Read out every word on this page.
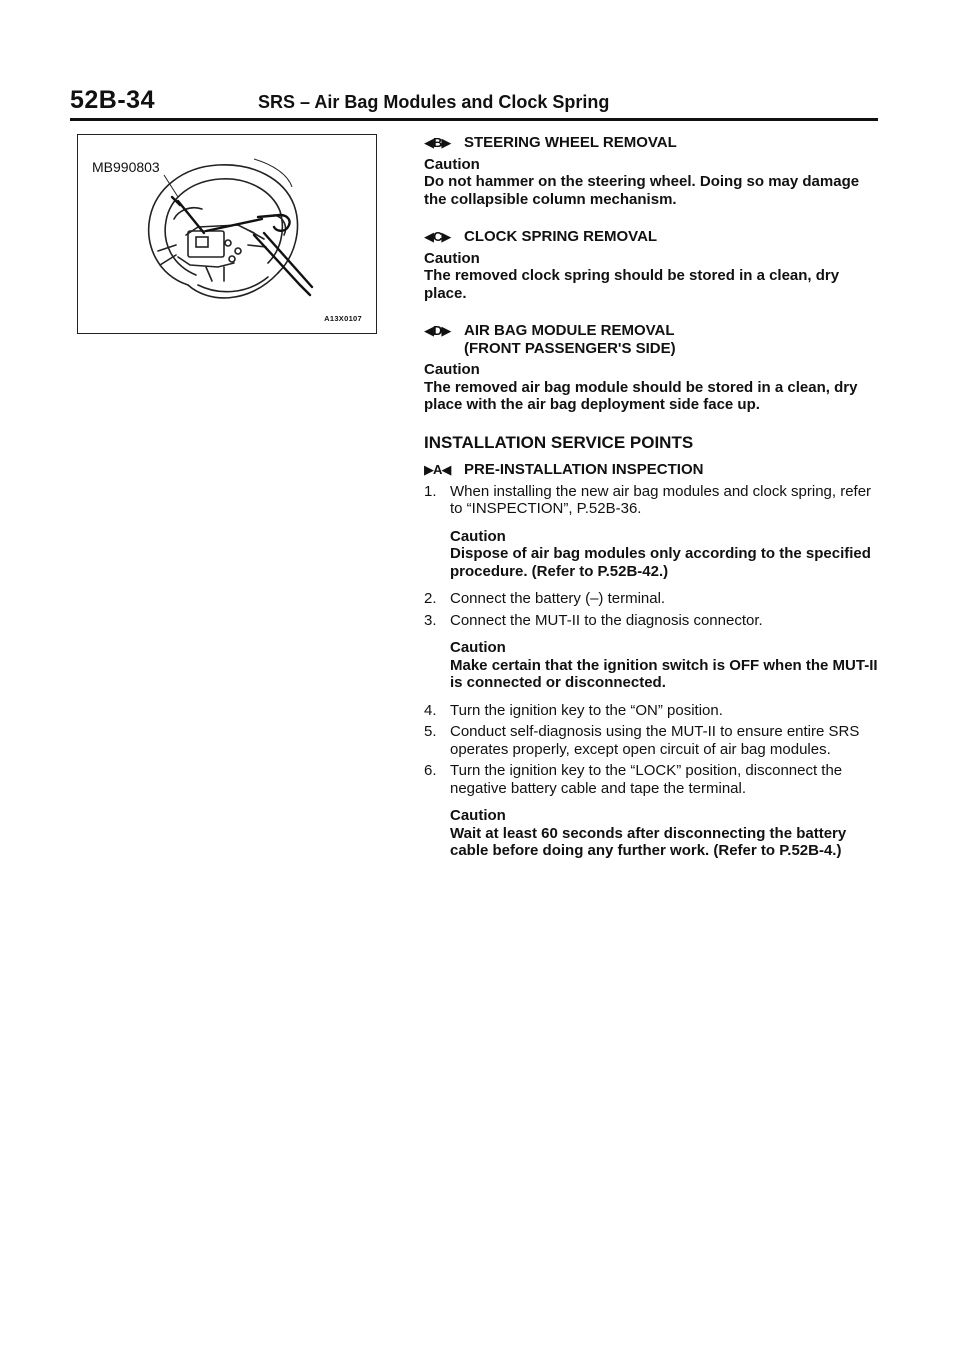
52B-34	SRS – Air Bag Modules and Clock Spring
MB990803
A13X0107
◀B▶ STEERING WHEEL REMOVAL
Caution
Do not hammer on the steering wheel. Doing so may damage the collapsible column mechanism.
◀C▶ CLOCK SPRING REMOVAL
Caution
The removed clock spring should be stored in a clean, dry place.
◀D▶ AIR BAG MODULE REMOVAL
(FRONT PASSENGER'S SIDE)
Caution
The removed air bag module should be stored in a clean, dry place with the air bag deployment side face up.
INSTALLATION SERVICE POINTS
▶A◀ PRE-INSTALLATION INSPECTION
1. When installing the new air bag modules and clock spring, refer to “INSPECTION”, P.52B-36.
Caution
Dispose of air bag modules only according to the specified procedure. (Refer to P.52B-42.)
2. Connect the battery (–) terminal.
3. Connect the MUT-II to the diagnosis connector.
Caution
Make certain that the ignition switch is OFF when the MUT-II is connected or disconnected.
4. Turn the ignition key to the “ON” position.
5. Conduct self-diagnosis using the MUT-II to ensure entire SRS operates properly, except open circuit of air bag modules.
6. Turn the ignition key to the “LOCK” position, disconnect the negative battery cable and tape the terminal.
Caution
Wait at least 60 seconds after disconnecting the battery cable before doing any further work. (Refer to P.52B-4.)
